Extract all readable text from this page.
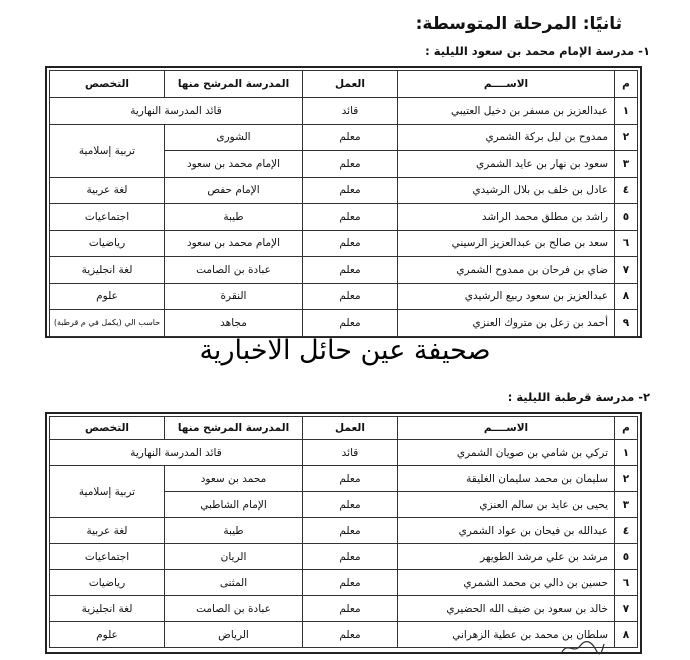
ثانيًا: المرحلة المتوسطة:
١- مدرسة الإمام محمد بن سعود الليلية :
م	الاســــم	العمل	المدرسة المرشح منها	التخصص
١	عبدالعزيز بن مسفر بن دخيل العتيبي	قائد	قائد المدرسة النهارية	
٢	ممدوح بن ليل بركة الشمري	معلم	الشورى	تربية إسلامية
٣	سعود بن نهار بن عايد الشمري	معلم	الإمام محمد بن سعود	
٤	عادل بن خلف بن بلال الرشيدي	معلم	الإمام حفص	لغة عربية
٥	راشد بن مطلق محمد الراشد	معلم	طيبة	اجتماعيات
٦	سعد بن صالح بن عبدالعزيز الرسيني	معلم	الإمام محمد بن سعود	رياضيات
٧	ضاي بن فرحان بن ممدوح الشمري	معلم	عبادة بن الصامت	لغة انجليزية
٨	عبدالعزيز بن سعود ربيع الرشيدي	معلم	النقرة	علوم
٩	أحمد بن زعل بن متروك العنزي	معلم	مجاهد	حاسب الي (يكمل في م قرطبة)
صحيفة عين حائل الاخبارية
٢- مدرسة قرطبة الليلية :
م	الاســــم	العمل	المدرسة المرشح منها	التخصص
١	تركي بن شامي بن صويان الشمري	قائد	قائد المدرسة النهارية	
٢	سليمان بن محمد سليمان الغليقة	معلم	محمد بن سعود	تربية إسلامية
٣	يحيى بن عايد بن سالم العنزي	معلم	الإمام الشاطبي	
٤	عبدالله بن فيحان بن عواد الشمري	معلم	طيبة	لغة عربية
٥	مرشد بن علي مرشد الطويهر	معلم	الريان	اجتماعيات
٦	حسين بن دالي بن محمد الشمري	معلم	المثنى	رياضيات
٧	خالد بن سعود بن ضيف الله الحضيري	معلم	عبادة بن الصامت	لغة انجليزية
٨	سلطان بن محمد بن عطية الزهراني	معلم	الرياض	علوم
